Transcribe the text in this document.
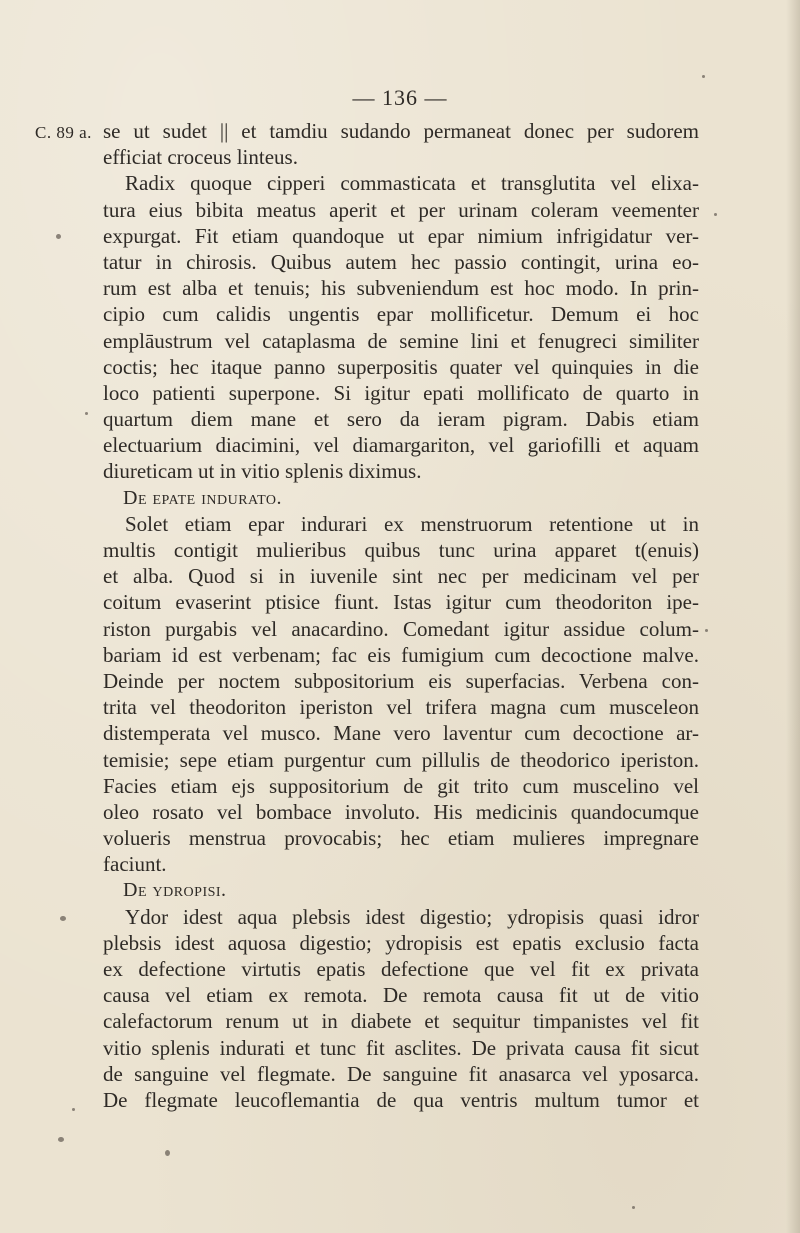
— 136 —
C. 89 a. se ut sudet || et tamdiu sudando permaneat donec per sudorem
efficiat croceus linteus.
Radix quoque cipperi commasticata et transglutita vel elixa-
tura eius bibita meatus aperit et per urinam coleram veementer
expurgat. Fit etiam quandoque ut epar nimium infrigidatur ver-
tatur in chirosis. Quibus autem hec passio contingit, urina eo-
rum est alba et tenuis; his subveniendum est hoc modo. In prin-
cipio cum calidis ungentis epar mollificetur. Demum ei hoc
emplāustrum vel cataplasma de semine lini et fenugreci similiter
coctis; hec itaque panno superpositis quater vel quinquies in die
loco patienti superpone. Si igitur epati mollificato de quarto in
quartum diem mane et sero da ieram pigram. Dabis etiam
electuarium diacimini, vel diamargariton, vel gariofilli et aquam
diureticam ut in vitio splenis diximus.
De epate indurato.
Solet etiam epar indurari ex menstruorum retentione ut in
multis contigit mulieribus quibus tunc urina apparet t(enuis)
et alba. Quod si in iuvenile sint nec per medicinam vel per
coitum evaserint ptisice fiunt. Istas igitur cum theodoriton ipe-
riston purgabis vel anacardino. Comedant igitur assidue colum-
bariam id est verbenam; fac eis fumigium cum decoctione malve.
Deinde per noctem subpositorium eis superfacias. Verbena con-
trita vel theodoriton iperiston vel trifera magna cum musceleon
distemperata vel musco. Mane vero laventur cum decoctione ar-
temisie; sepe etiam purgentur cum pillulis de theodorico iperiston.
Facies etiam ejs suppositorium de git trito cum muscelino vel
oleo rosato vel bombace involuto. His medicinis quandocumque
volueris menstrua provocabis; hec etiam mulieres impregnare
faciunt.
De ydropisi.
Ydor idest aqua plebsis idest digestio; ydropisis quasi idror
plebsis idest aquosa digestio; ydropisis est epatis exclusio facta
ex defectione virtutis epatis defectione que vel fit ex privata
causa vel etiam ex remota. De remota causa fit ut de vitio
calefactorum renum ut in diabete et sequitur timpanistes vel fit
vitio splenis indurati et tunc fit asclites. De privata causa fit sicut
de sanguine vel flegmate. De sanguine fit anasarca vel yposarca.
De flegmate leucoflemantia de qua ventris multum tumor et
